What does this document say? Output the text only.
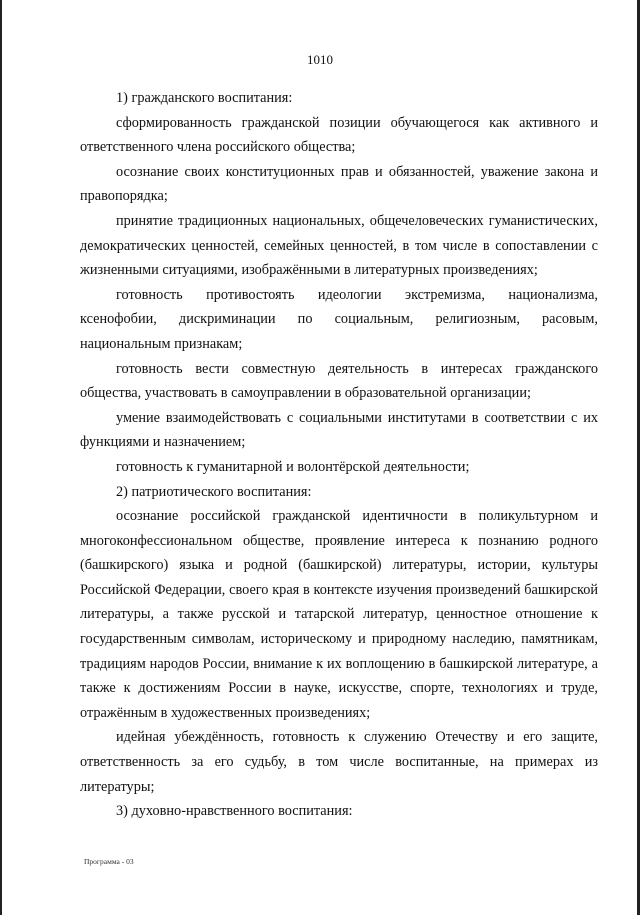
1010

1) гражданского воспитания:

сформированность гражданской позиции обучающегося как активного и ответственного члена российского общества;

осознание своих конституционных прав и обязанностей, уважение закона и правопорядка;

принятие традиционных национальных, общечеловеческих гуманистических, демократических ценностей, семейных ценностей, в том числе в сопоставлении с жизненными ситуациями, изображёнными в литературных произведениях;

готовность противостоять идеологии экстремизма, национализма, ксенофобии, дискриминации по социальным, религиозным, расовым, национальным признакам;

готовность вести совместную деятельность в интересах гражданского общества, участвовать в самоуправлении в образовательной организации;

умение взаимодействовать с социальными институтами в соответствии с их функциями и назначением;

готовность к гуманитарной и волонтёрской деятельности;

2) патриотического воспитания:

осознание российской гражданской идентичности в поликультурном и многоконфессиональном обществе, проявление интереса к познанию родного (башкирского) языка и родной (башкирской) литературы, истории, культуры Российской Федерации, своего края в контексте изучения произведений башкирской литературы, а также русской и татарской литератур, ценностное отношение к государственным символам, историческому и природному наследию, памятникам, традициям народов России, внимание к их воплощению в башкирской литературе, а также к достижениям России в науке, искусстве, спорте, технологиях и труде, отражённым в художественных произведениях;

идейная убеждённость, готовность к служению Отечеству и его защите, ответственность за его судьбу, в том числе воспитанные, на примерах из литературы;

3) духовно-нравственного воспитания:

Программа - 03
